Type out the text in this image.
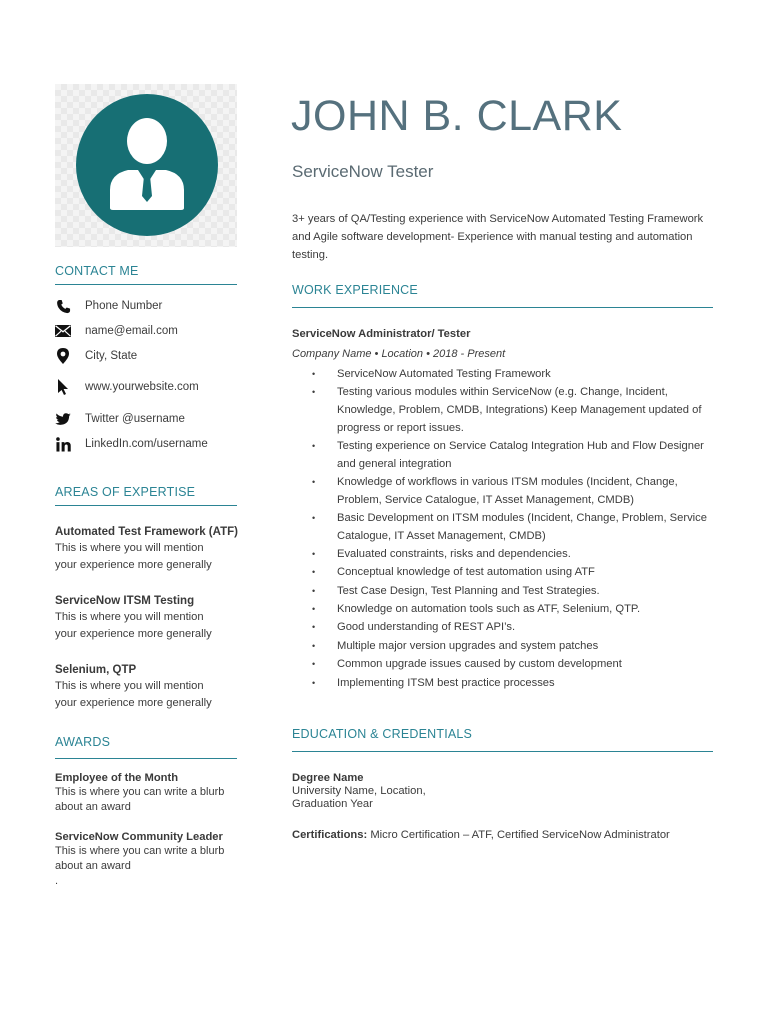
CONTACT ME
Phone Number
name@email.com
City, State
www.yourwebsite.com
Twitter @username
LinkedIn.com/username
AREAS OF EXPERTISE
Automated Test Framework (ATF)
This is where you will mention
your experience more generally
ServiceNow ITSM Testing
This is where you will mention
your experience more generally
Selenium, QTP
This is where you will mention
your experience more generally
AWARDS
Employee of the Month
This is where you can write a blurb
about an award
ServiceNow Community Leader
This is where you can write a blurb
about an award
.
JOHN B. CLARK
ServiceNow Tester
3+ years of QA/Testing experience with ServiceNow Automated Testing Framework and Agile software development- Experience with manual testing and automation testing.
WORK EXPERIENCE
ServiceNow Administrator/ Tester
Company Name • Location • 2018 - Present
• ServiceNow Automated Testing Framework
• Testing various modules within ServiceNow (e.g. Change, Incident, Knowledge, Problem, CMDB, Integrations) Keep Management updated of progress or report issues.
• Testing experience on Service Catalog Integration Hub and Flow Designer and general integration
• Knowledge of workflows in various ITSM modules (Incident, Change, Problem, Service Catalogue, IT Asset Management, CMDB)
• Basic Development on ITSM modules (Incident, Change, Problem, Service Catalogue, IT Asset Management, CMDB)
• Evaluated constraints, risks and dependencies.
• Conceptual knowledge of test automation using ATF
• Test Case Design, Test Planning and Test Strategies.
• Knowledge on automation tools such as ATF, Selenium, QTP.
• Good understanding of REST API’s.
• Multiple major version upgrades and system patches
• Common upgrade issues caused by custom development
• Implementing ITSM best practice processes
EDUCATION & CREDENTIALS
Degree Name
University Name, Location,
Graduation Year
Certifications: Micro Certification – ATF, Certified ServiceNow Administrator
